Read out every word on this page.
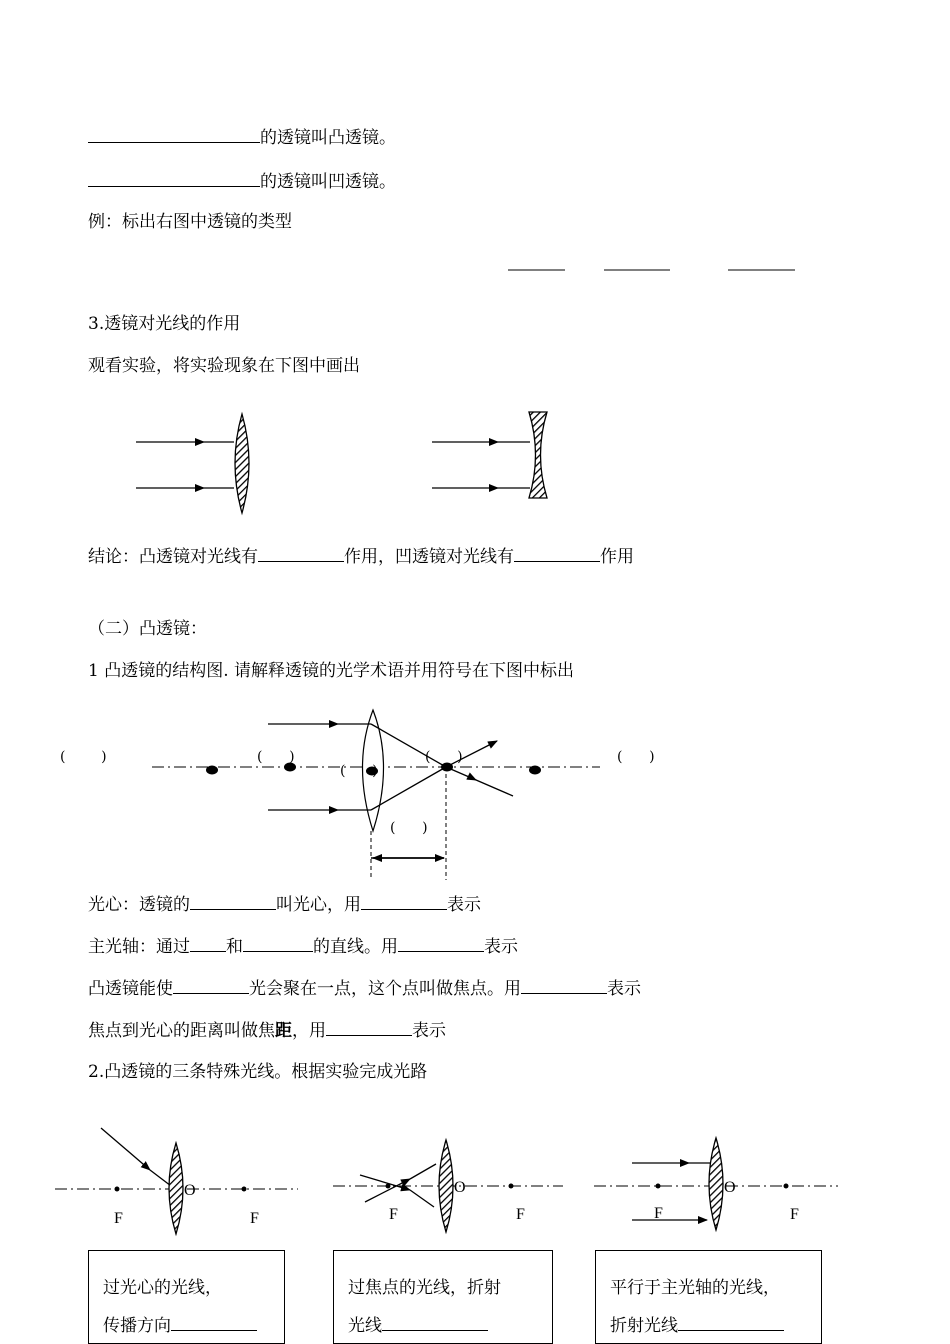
的透镜叫凸透镜。
的透镜叫凹透镜。
例：标出右图中透镜的类型
3.透镜对光线的作用
观看实验，将实验现象在下图中画出
结论：凸透镜对光线有	作用，凹透镜对光线有	作用
（二）凸透镜：
1 凸透镜的结构图. 请解释透镜的光学术语并用符号在下图中标出
(        )	(      )
(      )
(      )	(      )
(      )
光心：透镜的	叫光心，用	表示
主光轴：通过 和	的直线。用	表示
凸透镜能使	光会聚在一点，这个点叫做焦点。用	表示
焦点到光心的距离叫做焦距，用	表示
2.凸透镜的三条特殊光线。根据实验完成光路
O	O	O
F	F	F	F	F	F
过光心的光线，
传播方向
过焦点的光线，折射
光线
平行于主光轴的光线，
折射光线
